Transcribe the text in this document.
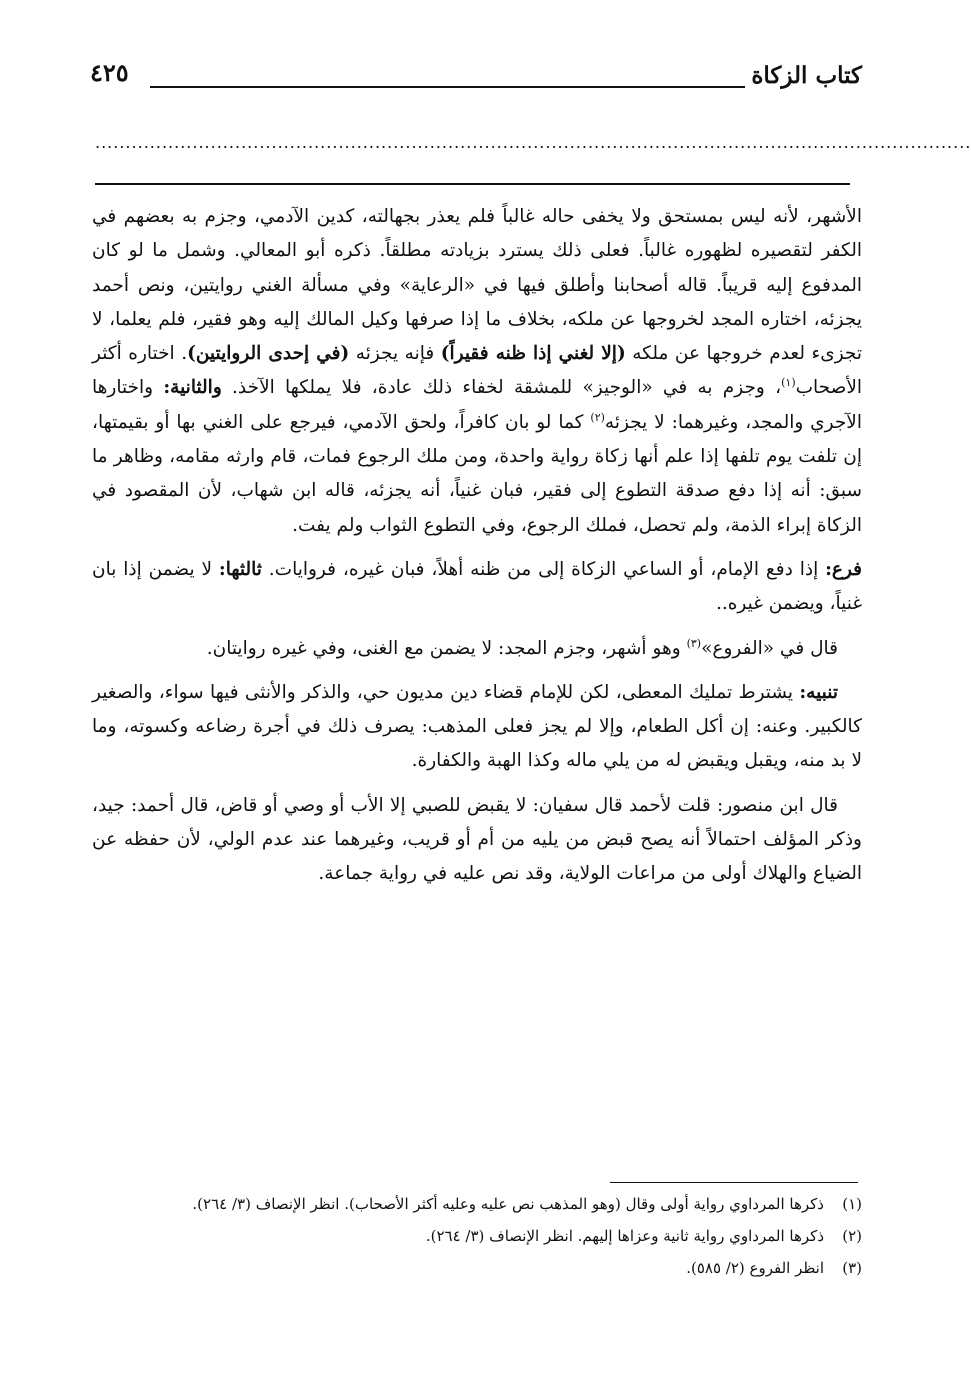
كتاب الزكاة
٤٢٥
................................................................................................................................................

الأشهر، لأنه ليس بمستحق ولا يخفى حاله غالباً فلم يعذر بجهالته، كدين الآدمي، وجزم به بعضهم في الكفر لتقصيره لظهوره غالباً. فعلى ذلك يسترد بزيادته مطلقاً. ذكره أبو المعالي. وشمل ما لو كان المدفوع إليه قريباً. قاله أصحابنا وأطلق فيها في «الرعاية» وفي مسألة الغني روايتين، ونص أحمد يجزئه، اختاره المجد لخروجها عن ملكه، بخلاف ما إذا صرفها وكيل المالك إليه وهو فقير، فلم يعلما، لا تجزىء لعدم خروجها عن ملكه (إلا لغني إذا ظنه فقيراً) فإنه يجزئه (في إحدى الروايتين). اختاره أكثر الأصحاب$^{(١)}$، وجزم به في «الوجيز» للمشقة لخفاء ذلك عادة، فلا يملكها الآخذ. والثانية: واختارها الآجري والمجد، وغيرهما: لا يجزئه$^{(٢)}$ كما لو بان كافراً، ولحق الآدمي، فيرجع على الغني بها أو بقيمتها، إن تلفت يوم تلفها إذا علم أنها زكاة رواية واحدة، ومن ملك الرجوع فمات، قام وارثه مقامه، وظاهر ما سبق: أنه إذا دفع صدقة التطوع إلى فقير، فبان غنياً، أنه يجزئه، قاله ابن شهاب، لأن المقصود في الزكاة إبراء الذمة، ولم تحصل، فملك الرجوع، وفي التطوع الثواب ولم يفت.

فرع: إذا دفع الإمام، أو الساعي الزكاة إلى من ظنه أهلاً، فبان غيره، فروايات. ثالثها: لا يضمن إذا بان غنياً، ويضمن غيره..

قال في «الفروع»$^{(٣)}$ وهو أشهر، وجزم المجد: لا يضمن مع الغنى، وفي غيره روايتان.

تنبيه: يشترط تمليك المعطى، لكن للإمام قضاء دين مديون حي، والذكر والأنثى فيها سواء، والصغير كالكبير. وعنه: إن أكل الطعام، وإلا لم يجز فعلى المذهب: يصرف ذلك في أجرة رضاعه وكسوته، وما لا بد منه، ويقبل ويقبض له من يلي ماله وكذا الهبة والكفارة.

قال ابن منصور: قلت لأحمد قال سفيان: لا يقبض للصبي إلا الأب أو وصي أو قاض، قال أحمد: جيد، وذكر المؤلف احتمالاً أنه يصح قبض من يليه من أم أو قريب، وغيرهما عند عدم الولي، لأن حفظه عن الضياع والهلاك أولى من مراعات الولاية، وقد نص عليه في رواية جماعة.

(١)
ذكرها المرداوي رواية أولى وقال (وهو المذهب نص عليه وعليه أكثر الأصحاب). انظر الإنصاف (٣/ ٢٦٤).

(٢)
ذكرها المرداوي رواية ثانية وعزاها إليهم. انظر الإنصاف (٣/ ٢٦٤).

(٣)
انظر الفروع (٢/ ٥٨٥).
